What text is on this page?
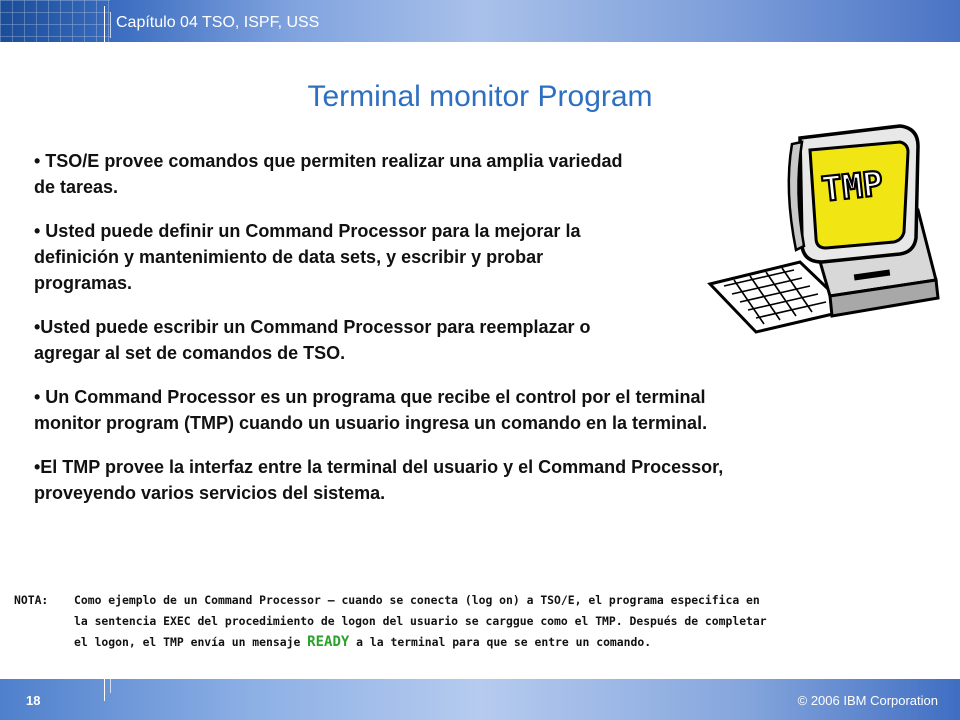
Capítulo 04 TSO, ISPF, USS
Terminal monitor Program
• TSO/E provee comandos que permiten realizar una amplia variedad
de tareas.
• Usted puede definir un Command Processor para la mejorar la
definición y mantenimiento de data sets, y escribir y probar
programas.
•Usted puede escribir un Command Processor para reemplazar o
agregar al set de comandos de TSO.
• Un Command Processor es un programa que recibe el control por el terminal
monitor program (TMP) cuando un usuario ingresa un comando en la terminal.
•El TMP provee la interfaz entre la terminal del usuario y el Command Processor,
proveyendo varios servicios del sistema.
TMP
NOTA: Como ejemplo de un Command Processor – cuando se conecta (log on) a TSO/E, el programa especifica en
la sentencia EXEC del procedimiento de logon del usuario se carggue como el TMP. Después de completar
el logon, el TMP envía un mensaje READY a la terminal para que se entre un comando.
18	© 2006 IBM Corporation
